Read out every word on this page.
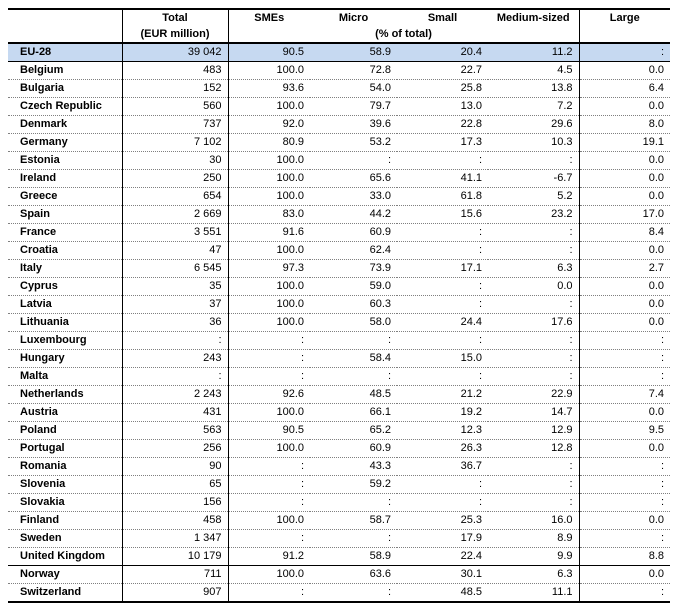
	Total	SMEs	Micro	Small	Medium-sized	Large
	(EUR million)	(% of total)				
EU-28	39 042	90.5	58.9	20.4	11.2	:
Belgium	483	100.0	72.8	22.7	4.5	0.0
Bulgaria	152	93.6	54.0	25.8	13.8	6.4
Czech Republic	560	100.0	79.7	13.0	7.2	0.0
Denmark	737	92.0	39.6	22.8	29.6	8.0
Germany	7 102	80.9	53.2	17.3	10.3	19.1
Estonia	30	100.0	:	:	:	0.0
Ireland	250	100.0	65.6	41.1	-6.7	0.0
Greece	654	100.0	33.0	61.8	5.2	0.0
Spain	2 669	83.0	44.2	15.6	23.2	17.0
France	3 551	91.6	60.9	:	:	8.4
Croatia	47	100.0	62.4	:	:	0.0
Italy	6 545	97.3	73.9	17.1	6.3	2.7
Cyprus	35	100.0	59.0	:	0.0	0.0
Latvia	37	100.0	60.3	:	:	0.0
Lithuania	36	100.0	58.0	24.4	17.6	0.0
Luxembourg	:	:	:	:	:	:
Hungary	243	:	58.4	15.0	:	:
Malta	:	:	:	:	:	:
Netherlands	2 243	92.6	48.5	21.2	22.9	7.4
Austria	431	100.0	66.1	19.2	14.7	0.0
Poland	563	90.5	65.2	12.3	12.9	9.5
Portugal	256	100.0	60.9	26.3	12.8	0.0
Romania	90	:	43.3	36.7	:	:
Slovenia	65	:	59.2	:	:	:
Slovakia	156	:	:	:	:	:
Finland	458	100.0	58.7	25.3	16.0	0.0
Sweden	1 347	:	:	17.9	8.9	:
United Kingdom	10 179	91.2	58.9	22.4	9.9	8.8
Norway	711	100.0	63.6	30.1	6.3	0.0
Switzerland	907	:	:	48.5	11.1	:
